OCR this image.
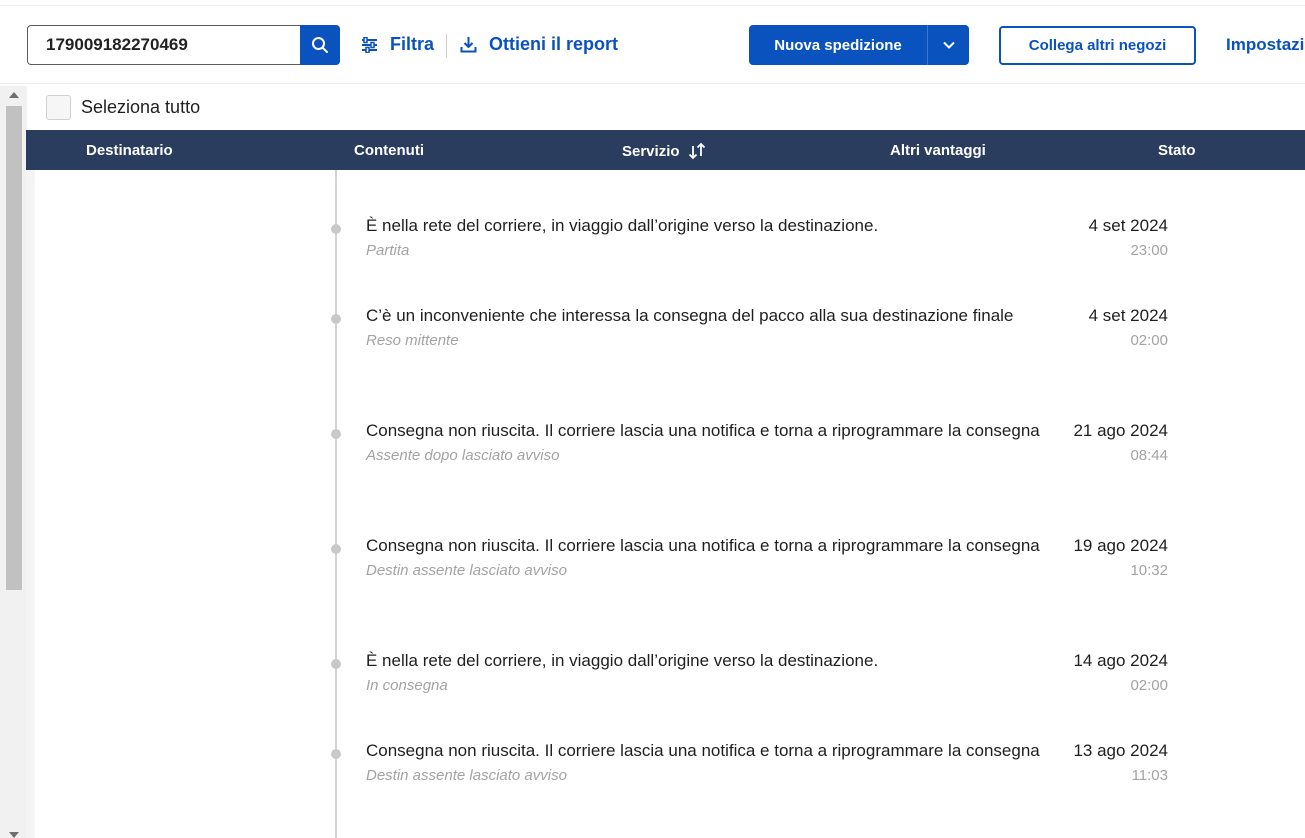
179009182270469
Filtra	Ottieni il report	Nuova spedizione	Collega altri negozi	Impostazi
Seleziona tutto
Destinatario	Contenuti	Servizio	Altri vantaggi	Stato
È nella rete del corriere, in viaggio dall’origine verso la destinazione.
Partita
4 set 2024
23:00
C’è un inconveniente che interessa la consegna del pacco alla sua destinazione finale
Reso mittente
4 set 2024
02:00
Consegna non riuscita. Il corriere lascia una notifica e torna a riprogrammare la consegna
Assente dopo lasciato avviso
21 ago 2024
08:44
Consegna non riuscita. Il corriere lascia una notifica e torna a riprogrammare la consegna
Destin assente lasciato avviso
19 ago 2024
10:32
È nella rete del corriere, in viaggio dall’origine verso la destinazione.
In consegna
14 ago 2024
02:00
Consegna non riuscita. Il corriere lascia una notifica e torna a riprogrammare la consegna
Destin assente lasciato avviso
13 ago 2024
11:03
